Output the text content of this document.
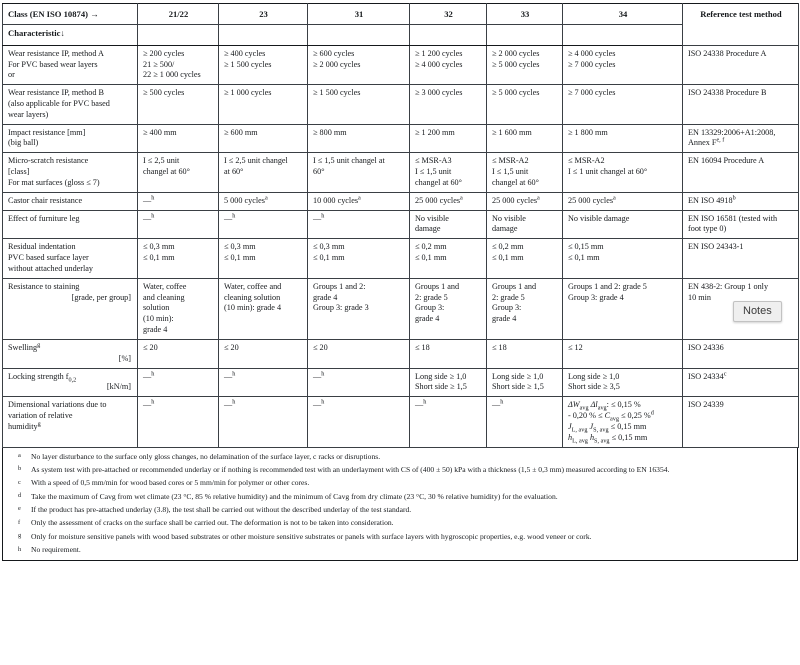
Class (EN ISO 10874) →	21/22	23	31	32	33	34	Reference test method
Characteristic↓							

Wear resistance IP, method A
For PVC based wear layers
or	≥ 200 cycles
21 ≥ 500/
22 ≥ 1 000 cycles	≥ 400 cycles
≥ 1 500 cycles	≥ 600 cycles
≥ 2 000 cycles	≥ 1 200 cycles
≥ 4 000 cycles	≥ 2 000 cycles
≥ 5 000 cycles	≥ 4 000 cycles
≥ 7 000 cycles	ISO 24338 Procedure A

Wear resistance IP, method B
(also applicable for PVC based
wear layers)	≥ 500 cycles	≥ 1 000 cycles	≥ 1 500 cycles	≥ 3 000 cycles	≥ 5 000 cycles	≥ 7 000 cycles	ISO 24338 Procedure B

Impact resistance [mm]
(big ball)	≥ 400 mm	≥ 600 mm	≥ 800 mm	≥ 1 200 mm	≥ 1 600 mm	≥ 1 800 mm	EN 13329:2006+A1:2008,
Annex F$^{e, f}$

Micro-scratch resistance
[class]
For mat surfaces (gloss ≤ 7)	I ≤ 2,5 unit
changel at 60°	I ≤ 2,5 unit changel
at 60°	I ≤ 1,5 unit changel at
60°	≤ MSR-A3
I ≤ 1,5 unit
changel at 60°	≤ MSR-A2
I ≤ 1,5 unit
changel at 60°	≤ MSR-A2
I ≤ 1 unit changel at 60°	EN 16094 Procedure A

Castor chair resistance	—$^h$	5 000 cycles$^a$	10 000 cycles$^a$	25 000 cycles$^a$	25 000 cycles$^a$	25 000 cycles$^a$	EN ISO 4918$^b$

Effect of furniture leg	—$^h$	—$^h$	—$^h$	No visible
damage	No visible
damage	No visible damage	EN ISO 16581 (tested with
foot type 0)

Residual indentation
PVC based surface layer
without attached underlay	≤ 0,3 mm
≤ 0,1 mm	≤ 0,3 mm
≤ 0,1 mm	≤ 0,3 mm
≤ 0,1 mm	≤ 0,2 mm
≤ 0,1 mm	≤ 0,2 mm
≤ 0,1 mm	≤ 0,15 mm
≤ 0,1 mm	EN ISO 24343-1

Resistance to staining
[grade, per group]	Water, coffee
and cleaning
solution
(10 min):
grade 4	Water, coffee and
cleaning solution
(10 min): grade 4	Groups 1 and 2:
grade 4
Group 3: grade 3	Groups 1 and
2: grade 5
Group 3:
grade 4	Groups 1 and
2: grade 5
Group 3:
grade 4	Groups 1 and 2: grade 5
Group 3: grade 4	EN 438-2: Group 1 only
10 min

Swelling$^g$
[%]	≤ 20	≤ 20	≤ 20	≤ 18	≤ 18	≤ 12	ISO 24336

Locking strength $f_{0,2}$
[kN/m]	—$^h$	—$^h$	—$^h$	Long side ≥ 1,0
Short side ≥ 1,5	Long side ≥ 1,0
Short side ≥ 1,5	Long side ≥ 1,0
Short side ≥ 3,5	ISO 24334$^c$

Dimensional variations due to
variation of relative
humidity$^g$	—$^h$	—$^h$	—$^h$	—$^h$	—$^h$	$\Delta W_{avg}$ $\Delta l_{avg}$: ≤ 0,15 %
- 0,20 % ≤ $C_{avg} \le 0,25$ %$^d$
$J_{L, avg}$ $J_{S, avg} \le 0,15$ mm
$h_{L, avg}$ $h_{S, avg} \le 0,15$ mm	ISO 24339
a	No layer disturbance to the surface only gloss changes, no delamination of the surface layer, c racks or disruptions.
b	As system test with pre-attached or recommended underlay or if nothing is recommended test with an underlayment with CS of (400 ± 50) kPa with a thickness (1,5 ± 0,3 mm) measured according to EN 16354.
c	With a speed of 0,5 mm/min for wood based cores or 5 mm/min for polymer or other cores.
d	Take the maximum of Cavg from wet climate (23 °C, 85 % relative humidity) and the minimum of Cavg from dry climate (23 °C, 30 % relative humidity) for the evaluation.
e	If the product has pre-attached underlay (3.8), the test shall be carried out without the described underlay of the test standard.
f	Only the assessment of cracks on the surface shall be carried out. The deformation is not to be taken into consideration.
g	Only for moisture sensitive panels with wood based substrates or other moisture sensitive substrates or panels with surface layers with hygroscopic properties, e.g. wood veneer or cork.
h	No requirement.
Notes
